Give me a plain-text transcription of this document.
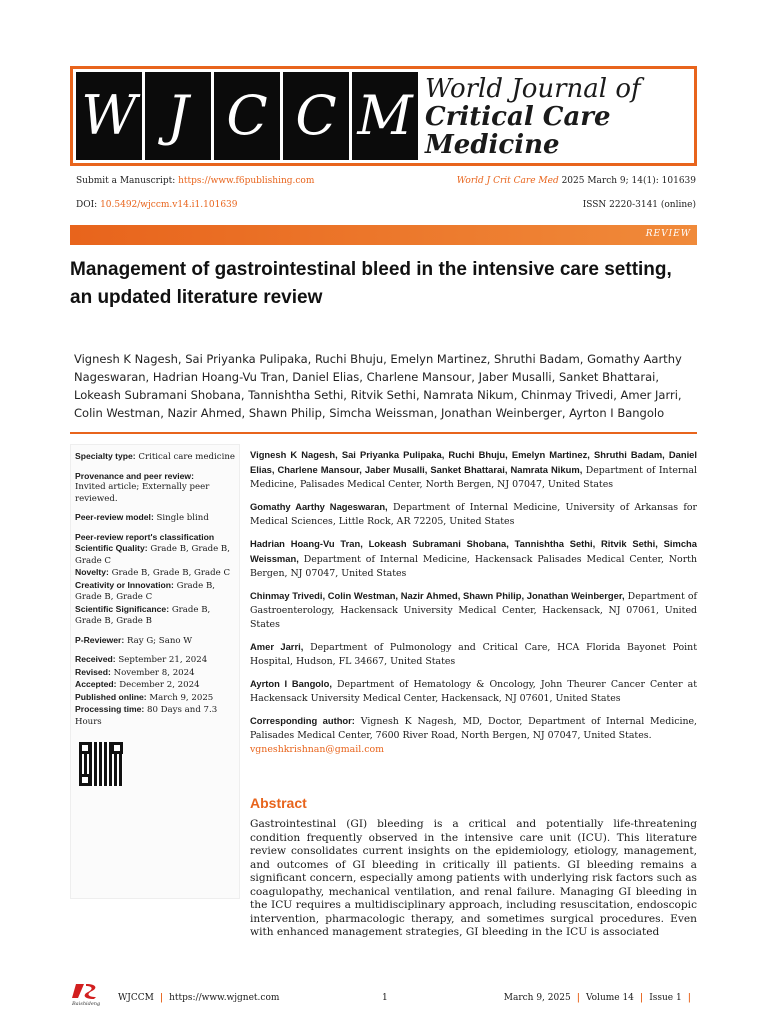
W J C C M World Journal of
Critical Care
Medicine
Submit a Manuscript: https://www.f6publishing.com	World J Crit Care Med 2025 March 9; 14(1): 101639
DOI: 10.5492/wjccm.v14.i1.101639	ISSN 2220-3141 (online)
REVIEW
Management of gastrointestinal bleed in the intensive care setting,
an updated literature review
Vignesh K Nagesh, Sai Priyanka Pulipaka, Ruchi Bhuju, Emelyn Martinez, Shruthi Badam, Gomathy Aarthy Nageswaran, Hadrian Hoang-Vu Tran, Daniel Elias, Charlene Mansour, Jaber Musalli, Sanket Bhattarai, Lokeash Subramani Shobana, Tannishtha Sethi, Ritvik Sethi, Namrata Nikum, Chinmay Trivedi, Amer Jarri, Colin Westman, Nazir Ahmed, Shawn Philip, Simcha Weissman, Jonathan Weinberger, Ayrton I Bangolo
Specialty type: Critical care medicine
Provenance and peer review:
Invited article; Externally peer reviewed.
Peer-review model: Single blind
Peer-review report's classification
Scientific Quality: Grade B, Grade B, Grade C
Novelty: Grade B, Grade B, Grade C
Creativity or Innovation: Grade B, Grade B, Grade C
Scientific Significance: Grade B, Grade B, Grade B
P-Reviewer: Ray G; Sano W
Received: September 21, 2024
Revised: November 8, 2024
Accepted: December 2, 2024
Published online: March 9, 2025
Processing time: 80 Days and 7.3 Hours

Vignesh K Nagesh, Sai Priyanka Pulipaka, Ruchi Bhuju, Emelyn Martinez, Shruthi Badam, Daniel Elias, Charlene Mansour, Jaber Musalli, Sanket Bhattarai, Namrata Nikum, Department of Internal Medicine, Palisades Medical Center, North Bergen, NJ 07047, United States

Gomathy Aarthy Nageswaran, Department of Internal Medicine, University of Arkansas for Medical Sciences, Little Rock, AR 72205, United States

Hadrian Hoang-Vu Tran, Lokeash Subramani Shobana, Tannishtha Sethi, Ritvik Sethi, Simcha Weissman, Department of Internal Medicine, Hackensack Palisades Medical Center, North Bergen, NJ 07047, United States

Chinmay Trivedi, Colin Westman, Nazir Ahmed, Shawn Philip, Jonathan Weinberger, Department of Gastroenterology, Hackensack University Medical Center, Hackensack, NJ 07061, United States

Amer Jarri, Department of Pulmonology and Critical Care, HCA Florida Bayonet Point Hospital, Hudson, FL 34667, United States

Ayrton I Bangolo, Department of Hematology & Oncology, John Theurer Cancer Center at Hackensack University Medical Center, Hackensack, NJ 07601, United States

Corresponding author: Vignesh K Nagesh, MD, Doctor, Department of Internal Medicine, Palisades Medical Center, 7600 River Road, North Bergen, NJ 07047, United States.
vgneshkrishnan@gmail.com

Abstract
Gastrointestinal (GI) bleeding is a critical and potentially life-threatening condition frequently observed in the intensive care unit (ICU). This literature review consolidates current insights on the epidemiology, etiology, management, and outcomes of GI bleeding in critically ill patients. GI bleeding remains a significant concern, especially among patients with underlying risk factors such as coagulopathy, mechanical ventilation, and renal failure. Managing GI bleeding in the ICU requires a multidisciplinary approach, including resuscitation, endoscopic intervention, pharmacologic therapy, and sometimes surgical procedures. Even with enhanced management strategies, GI bleeding in the ICU is associated
Baishideng
WJCCM | https://www.wjgnet.com	1	March 9, 2025 | Volume 14 | Issue 1 |
